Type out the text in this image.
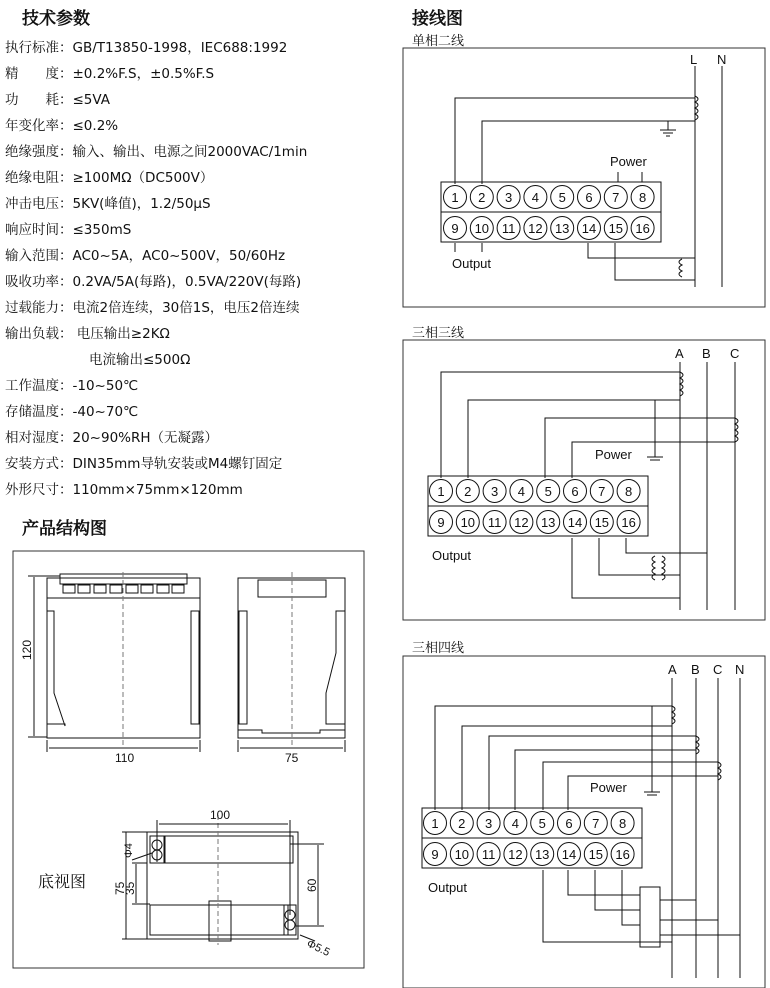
技术参数
执行标准：GB/T13850-1998，IEC688:1992
精　　度：±0.2%F.S，±0.5%F.S
功　　耗：≤5VA
年变化率：≤0.2%
绝缘强度：输入、输出、电源之间2000VAC/1min
绝缘电阻：≥100MΩ（DC500V）
冲击电压：5KV(峰值)，1.2/50μS
响应时间：≤350mS
输入范围：AC0~5A，AC0~500V，50/60Hz
吸收功率：0.2VA/5A(每路)，0.5VA/220V(每路)
过载能力：电流2倍连续，30倍1S，电压2倍连续
输出负载： 电压输出≥2KΩ
电流输出≤500Ω
工作温度：-10~50℃
存储温度：-40~70℃
相对湿度：20~90%RH（无凝露）
安装方式：DIN35mm导轨安装或M4螺钉固定
外形尺寸：110mm×75mm×120mm
产品结构图
接线图
单相二线
三相三线
三相四线
1 2 3 4 5 6 7 8
9 10 11 12 13 14 15 16
1 2 3 4 5 6 7 8
9 10 11 12 13 14 15 16
1 2 3 4 5 6 7 8
9 10 11 12 13 14 15 16
L N
Power
Output
A B C
Power
Output
A B C N
Power
Output
110	75
120
100
Φ4
75
35	60
Φ5.5
底视图
